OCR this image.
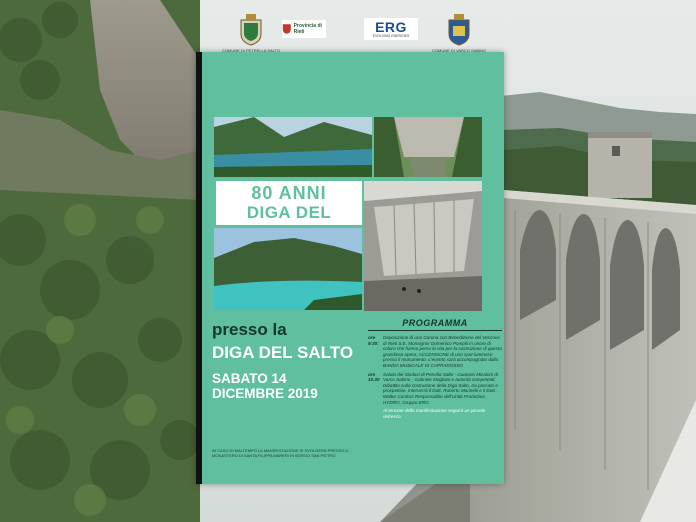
COMUNE DI PETRELLA SALTO
Provincia di Rieti	ERG
EVOLVING ENERGIES
COMUNE DI VARCO SABINO
80 ANNI
DIGA DEL
presso la
DIGA DEL SALTO
SABATO 14
DICEMBRE 2019
IN CASO DI MALTEMPO LA MANIFESTAZIONE SI SVOLGERÀ PRESSO IL MONASTERO DI SANTA FILIPPA MARERI IN BORGO SAN PIETRO
PROGRAMMA
ore 9:30:
Deposizione di una Corona con Benedizione del Vescovo di Rieti S.E. Monsignor Domenico Pompili in onore di coloro che hanno perso la vita per la costruzione di questa grandiosa opera; ACCENSIONE di uno spot luminoso presso il monumento. L'evento sarà accompagnato dalla BANDA MUSICALE DI CAPRADOSSO
ore 10.30
Saluto dei Sindaci di Petrella Salto - Gaetano Micaloni di Varco Sabino - Gabriele Magliani e autorità competenti. Dibattito sulla costruzione della Diga Salto, tra passato e prospettive. Interverrà il Dott. Roberto Marinelli e il Dott. Walter Cardoni Responsabile dell'Unità Produttiva HYDRO, Gruppo ERG.
Al termine della manifestazione seguirà un piccolo rinfresco.
